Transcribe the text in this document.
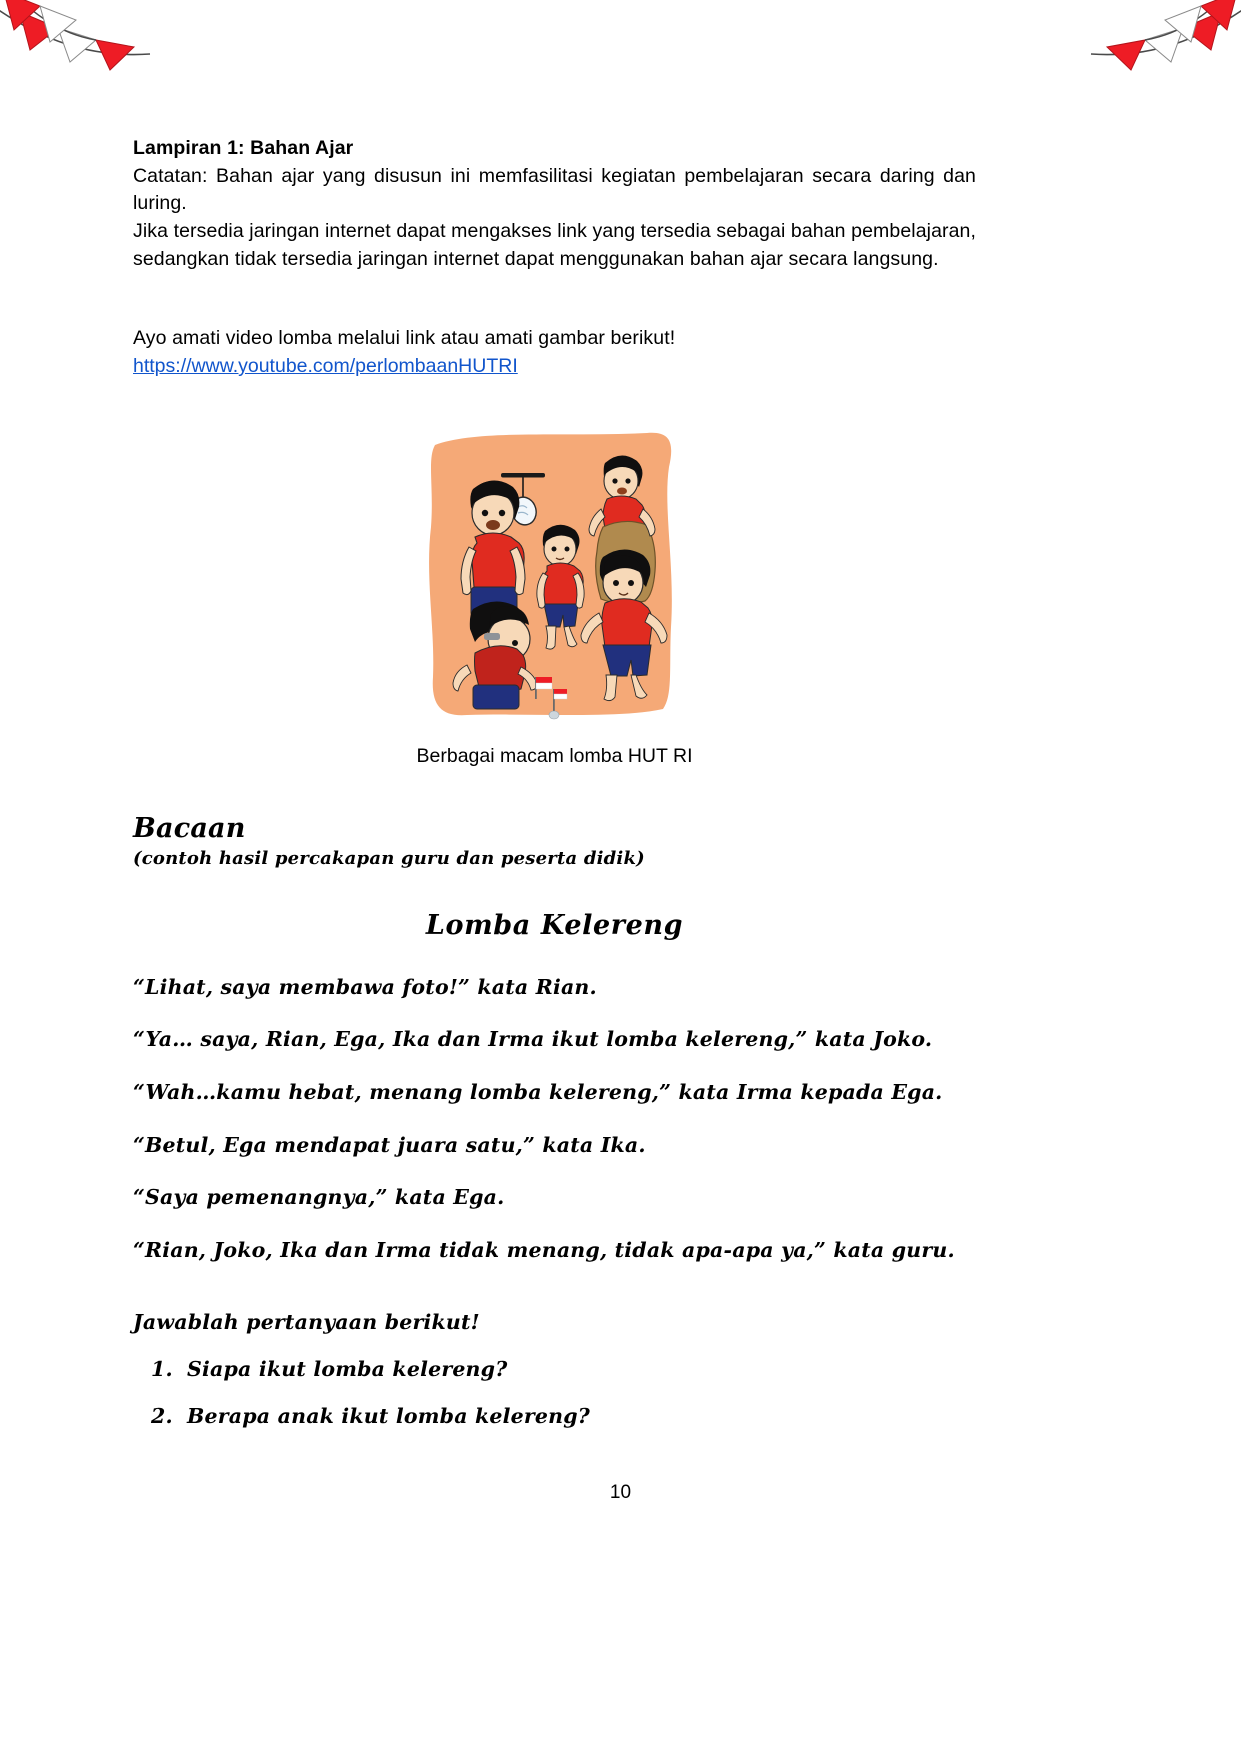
Lampiran 1: Bahan Ajar
Catatan: Bahan ajar yang disusun ini memfasilitasi kegiatan pembelajaran secara daring dan luring.
Jika tersedia jaringan internet dapat mengakses link yang tersedia sebagai bahan pembelajaran, sedangkan tidak tersedia jaringan internet dapat menggunakan bahan ajar secara langsung.
Ayo amati video lomba melalui link atau amati gambar berikut!
https://www.youtube.com/perlombaanHUTRI
Berbagai macam lomba HUT RI
Bacaan
(contoh hasil percakapan guru dan peserta didik)
Lomba Kelereng
“Lihat, saya membawa foto!” kata Rian.
“Ya… saya, Rian, Ega, Ika dan Irma ikut lomba kelereng,” kata Joko.
“Wah…kamu hebat, menang lomba kelereng,” kata Irma kepada Ega.
“Betul, Ega mendapat juara satu,” kata Ika.
“Saya pemenangnya,” kata Ega.
“Rian, Joko, Ika dan Irma tidak menang, tidak apa-apa ya,” kata guru.
Jawablah pertanyaan berikut!
1. Siapa ikut lomba kelereng?
2. Berapa anak ikut lomba kelereng?
10
